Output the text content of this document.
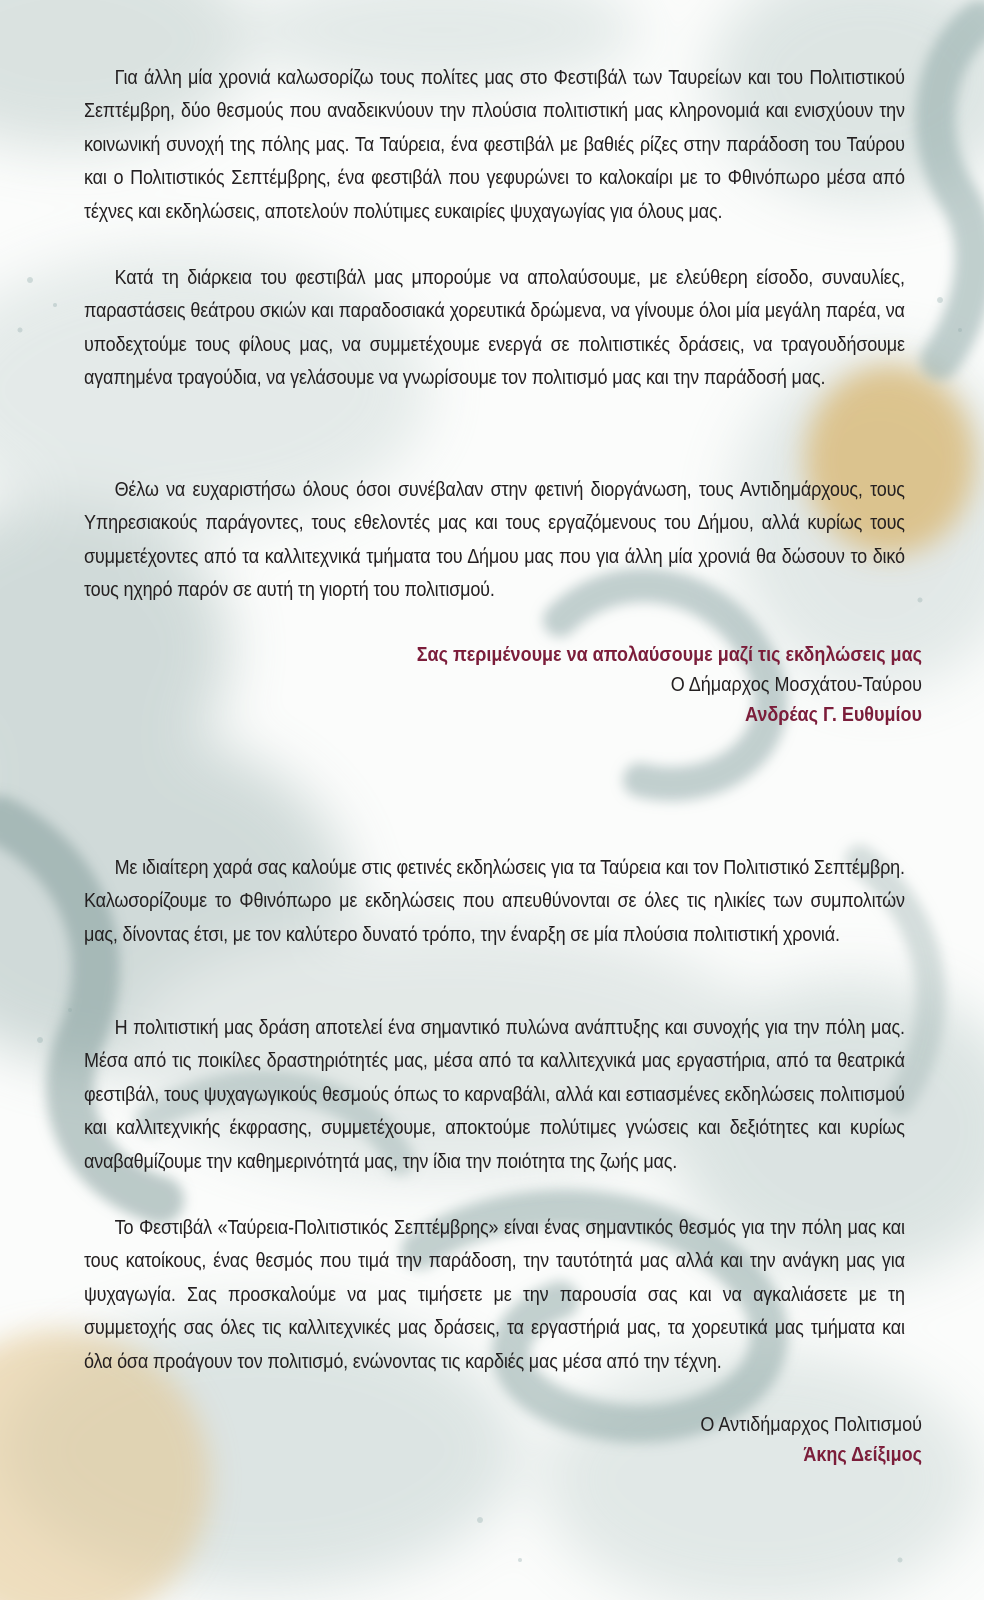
Για άλλη μία χρονιά καλωσορίζω τους πολίτες μας στο Φεστιβάλ των Ταυρείων και του Πολιτιστικού Σεπτέμβρη, δύο θεσμούς που αναδεικνύουν την πλούσια πολιτιστική μας κληρονομιά και ενισχύουν την κοινωνική συνοχή της πόλης μας. Τα Ταύρεια, ένα φεστιβάλ με βαθιές ρίζες στην παράδοση του Ταύρου και ο Πολιτιστικός Σεπτέμβρης, ένα φεστιβάλ που γεφυρώνει το καλοκαίρι με το Φθινόπωρο μέσα από τέχνες και εκδηλώσεις, αποτελούν πολύτιμες ευκαιρίες ψυχαγωγίας για όλους μας.

Κατά τη διάρκεια του φεστιβάλ μας μπορούμε να απολαύσουμε, με ελεύθερη είσοδο, συναυλίες, παραστάσεις θεάτρου σκιών και παραδοσιακά χορευτικά δρώμενα, να γίνουμε όλοι μία μεγάλη παρέα, να υποδεχτούμε τους φίλους μας, να συμμετέχουμε ενεργά σε πολιτιστικές δράσεις, να τραγουδήσουμε αγαπημένα τραγούδια, να γελάσουμε να γνωρίσουμε τον πολιτισμό μας και την παράδοσή μας.

Θέλω να ευχαριστήσω όλους όσοι συνέβαλαν στην φετινή διοργάνωση, τους Αντιδημάρχους, τους Υπηρεσιακούς παράγοντες, τους εθελοντές μας και τους εργαζόμενους του Δήμου, αλλά κυρίως τους συμμετέχοντες από τα καλλιτεχνικά τμήματα του Δήμου μας που για άλλη μία χρονιά θα δώσουν το δικό τους ηχηρό παρόν σε αυτή τη γιορτή του πολιτισμού.

Σας περιμένουμε να απολαύσουμε μαζί τις εκδηλώσεις μας
Ο Δήμαρχος Μοσχάτου-Ταύρου
Ανδρέας Γ. Ευθυμίου

Με ιδιαίτερη χαρά σας καλούμε στις φετινές εκδηλώσεις για τα Ταύρεια και τον Πολιτιστικό Σεπτέμβρη. Καλωσορίζουμε το Φθινόπωρο με εκδηλώσεις που απευθύνονται σε όλες τις ηλικίες των συμπολιτών μας, δίνοντας έτσι, με τον καλύτερο δυνατό τρόπο, την έναρξη σε μία πλούσια πολιτιστική χρονιά.

Η πολιτιστική μας δράση αποτελεί ένα σημαντικό πυλώνα ανάπτυξης και συνοχής για την πόλη μας. Μέσα από τις ποικίλες δραστηριότητές μας, μέσα από τα καλλιτεχνικά μας εργαστήρια, από τα θεατρικά φεστιβάλ, τους ψυχαγωγικούς θεσμούς όπως το καρναβάλι, αλλά και εστιασμένες εκδηλώσεις πολιτισμού και καλλιτεχνικής έκφρασης, συμμετέχουμε, αποκτούμε πολύτιμες γνώσεις και δεξιότητες και κυρίως αναβαθμίζουμε την καθημερινότητά μας, την ίδια την ποιότητα της ζωής μας.

Το Φεστιβάλ «Ταύρεια-Πολιτιστικός Σεπτέμβρης» είναι ένας σημαντικός θεσμός για την πόλη μας και τους κατοίκους, ένας θεσμός που τιμά την παράδοση, την ταυτότητά μας αλλά και την ανάγκη μας για ψυχαγωγία. Σας προσκαλούμε να μας τιμήσετε με την παρουσία σας και να αγκαλιάσετε με τη συμμετοχής σας όλες τις καλλιτεχνικές μας δράσεις, τα εργαστήριά μας, τα χορευτικά μας τμήματα και όλα όσα προάγουν τον πολιτισμό, ενώνοντας τις καρδιές μας μέσα από την τέχνη.

Ο Αντιδήμαρχος Πολιτισμού
Άκης Δείξιμος
